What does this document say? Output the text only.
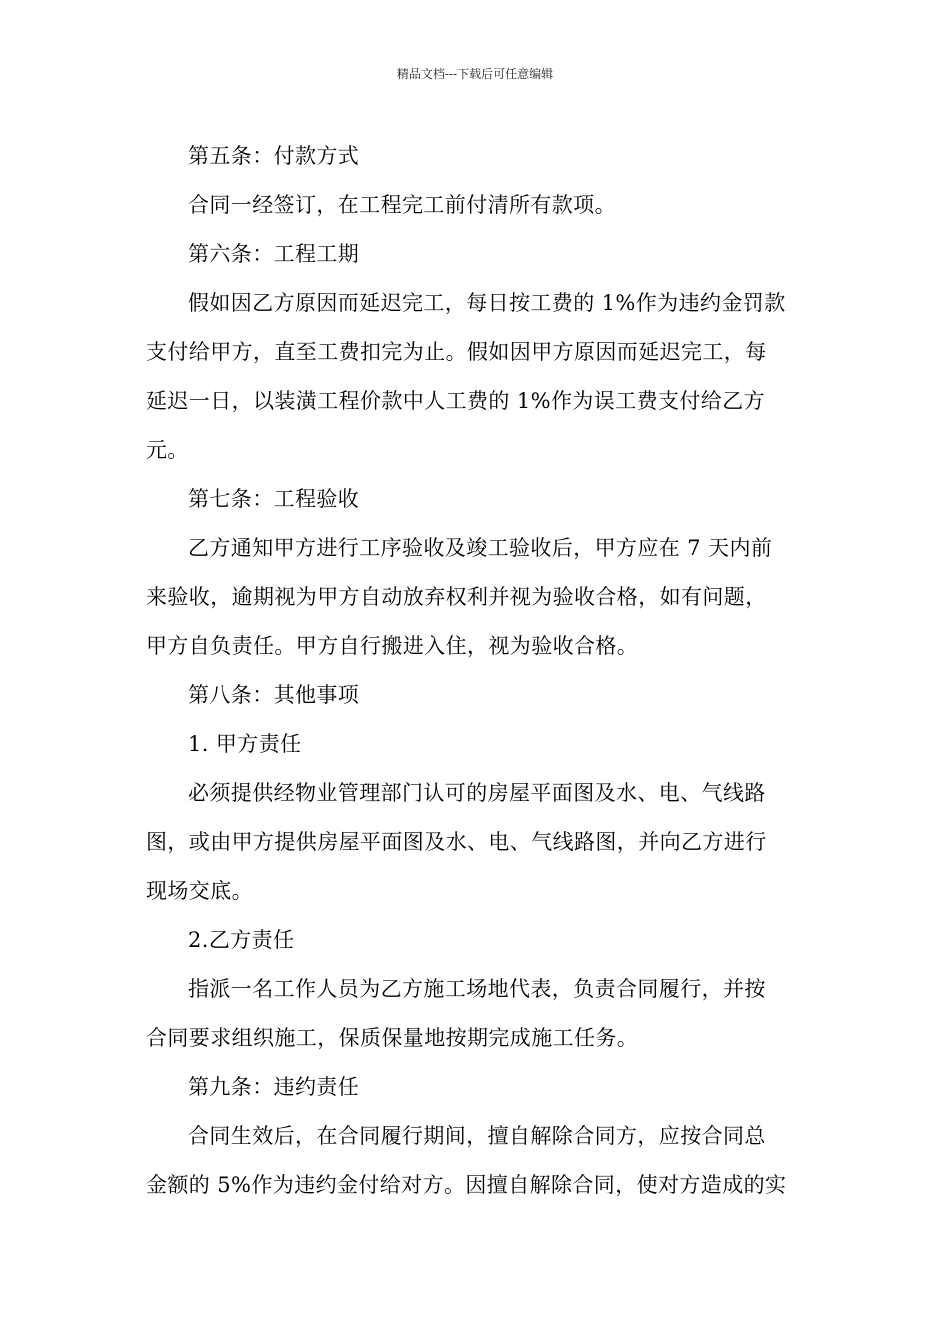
精品文档---下载后可任意编辑

第五条：付款方式

合同一经签订，在工程完工前付清所有款项。

第六条：工程工期

假如因乙方原因而延迟完工，每日按工费的 1%作为违约金罚款
支付给甲方，直至工费扣完为止。假如因甲方原因而延迟完工，每
延迟一日，以装潢工程价款中人工费的 1%作为误工费支付给乙方
元。

第七条：工程验收

乙方通知甲方进行工序验收及竣工验收后，甲方应在 7 天内前
来验收，逾期视为甲方自动放弃权利并视为验收合格，如有问题，
甲方自负责任。甲方自行搬进入住，视为验收合格。

第八条：其他事项

1. 甲方责任

必须提供经物业管理部门认可的房屋平面图及水、电、气线路
图，或由甲方提供房屋平面图及水、电、气线路图，并向乙方进行
现场交底。

2.乙方责任

指派一名工作人员为乙方施工场地代表，负责合同履行，并按
合同要求组织施工，保质保量地按期完成施工任务。

第九条：违约责任

合同生效后，在合同履行期间，擅自解除合同方，应按合同总
金额的 5%作为违约金付给对方。因擅自解除合同，使对方造成的实
